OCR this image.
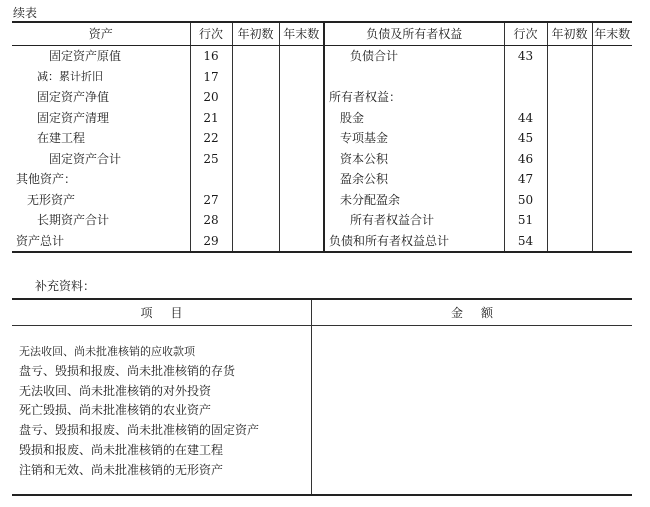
续表
资产	行次	年初数	年末数	负债及所有者权益	行次	年初数	年末数
固定资产原值	16			负债合计	43		
减：累计折旧	17						
固定资产净值	20			所有者权益：			
固定资产清理	21			股金	44		
在建工程	22			专项基金	45		
固定资产合计	25			资本公积	46		
其他资产：				盈余公积	47		
无形资产	27			未分配盈余	50		
长期资产合计	28			所有者权益合计	51		
资产总计	29			负债和所有者权益总计	54		
补充资料：
项目	金额
无法收回、尚未批准核销的应收款项
盘亏、毁损和报废、尚未批准核销的存货
无法收回、尚未批准核销的对外投资
死亡毁损、尚未批准核销的农业资产
盘亏、毁损和报废、尚未批准核销的固定资产
毁损和报废、尚未批准核销的在建工程
注销和无效、尚未批准核销的无形资产
